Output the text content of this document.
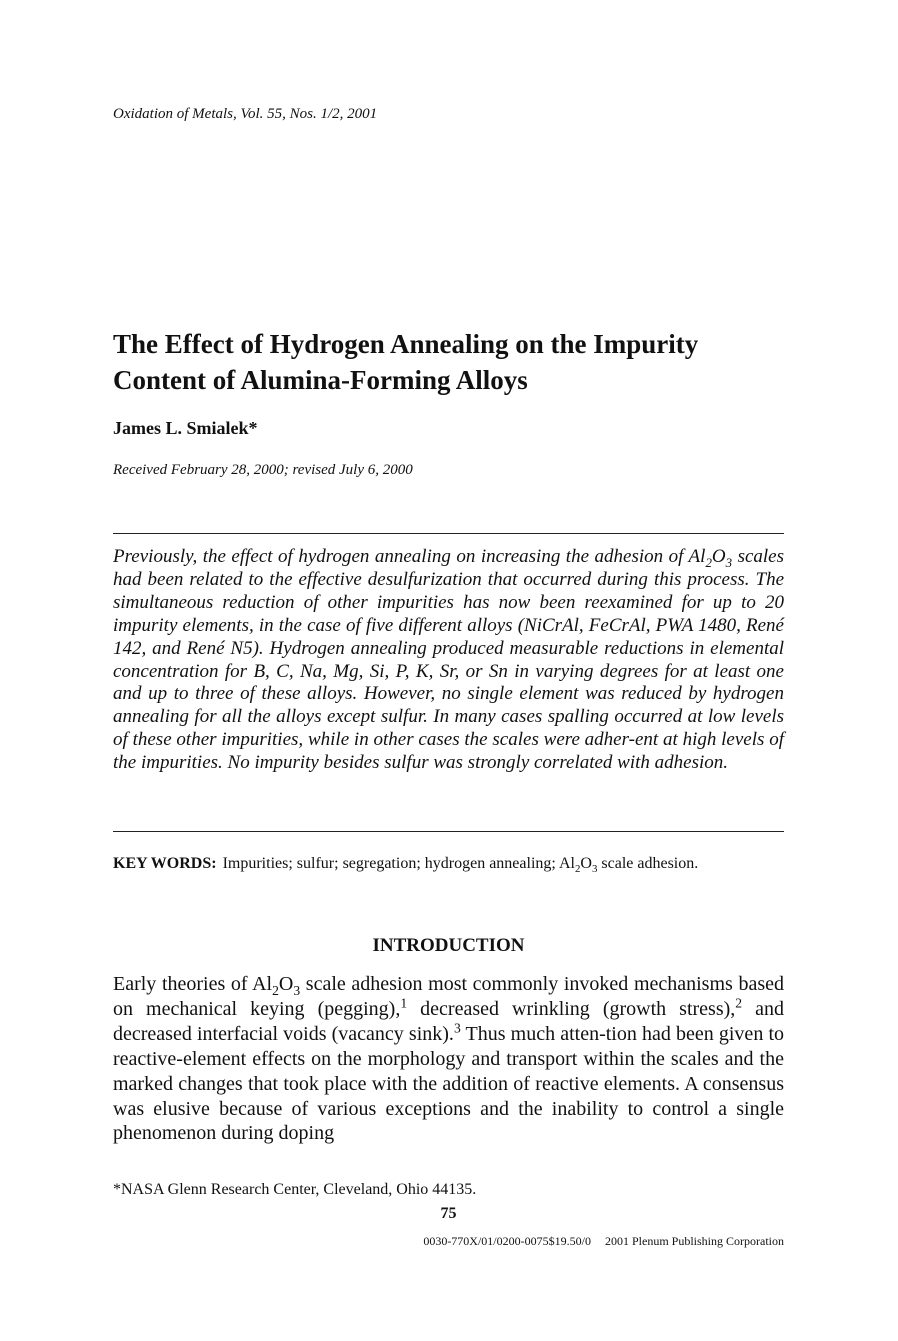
Oxidation of Metals, Vol. 55, Nos. 1/2, 2001
The Effect of Hydrogen Annealing on the Impurity
Content of Alumina-Forming Alloys
James L. Smialek*
Received February 28, 2000; revised July 6, 2000
Previously, the effect of hydrogen annealing on increasing the adhesion of $Al_2O_3$ scales had been related to the effective desulfurization that occurred during this process. The simultaneous reduction of other impurities has now been reexamined for up to 20 impurity elements, in the case of five different alloys (NiCrAl, FeCrAl, PWA 1480, René 142, and René N5). Hydrogen annealing produced measurable reductions in elemental concentration for B, C, Na, Mg, Si, P, K, Sr, or Sn in varying degrees for at least one and up to three of these alloys. However, no single element was reduced by hydrogen annealing for all the alloys except sulfur. In many cases spalling occurred at low levels of these other impurities, while in other cases the scales were adher-ent at high levels of the impurities. No impurity besides sulfur was strongly correlated with adhesion.
KEY WORDS: Impurities; sulfur; segregation; hydrogen annealing; $Al_2O_3$ scale adhesion.
INTRODUCTION
Early theories of $Al_2O_3$ scale adhesion most commonly invoked mechanisms based on mechanical keying (pegging),$^1$ decreased wrinkling (growth stress),$^2$ and decreased interfacial voids (vacancy sink).$^3$ Thus much atten-tion had been given to reactive-element effects on the morphology and transport within the scales and the marked changes that took place with the addition of reactive elements. A consensus was elusive because of various exceptions and the inability to control a single phenomenon during doping
*NASA Glenn Research Center, Cleveland, Ohio 44135.
75
0030-770X/01/0200-0075$19.50/0 2001 Plenum Publishing Corporation
